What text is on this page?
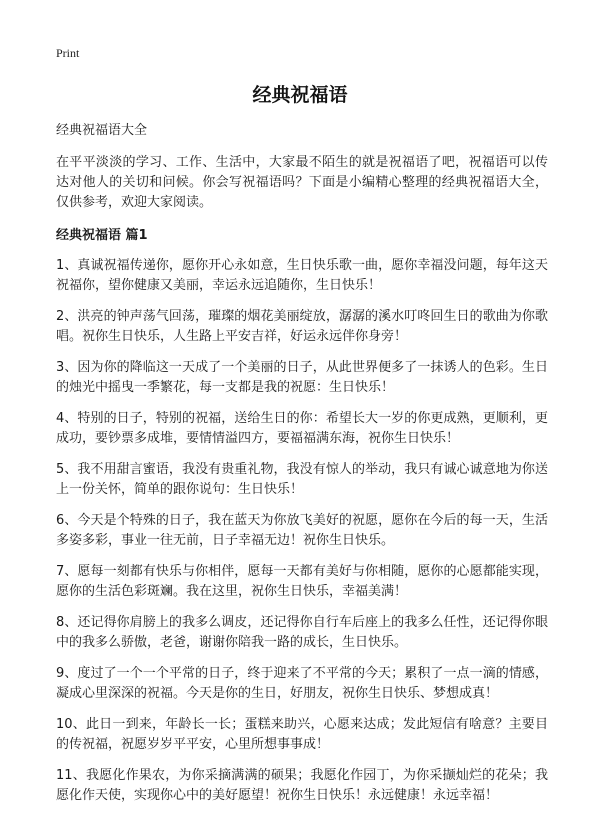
Print
经典祝福语

经典祝福语大全

在平平淡淡的学习、工作、生活中，大家最不陌生的就是祝福语了吧，祝福语可以传达对他人的关切和问候。你会写祝福语吗？下面是小编精心整理的经典祝福语大全，仅供参考，欢迎大家阅读。

经典祝福语 篇1

1、真诚祝福传递你，愿你开心永如意，生日快乐歌一曲，愿你幸福没问题，每年这天祝福你，望你健康又美丽，幸运永远追随你，生日快乐！

2、洪亮的钟声荡气回荡，璀璨的烟花美丽绽放，潺潺的溪水叮咚回生日的歌曲为你歌唱。祝你生日快乐，人生路上平安吉祥，好运永远伴你身旁！

3、因为你的降临这一天成了一个美丽的日子，从此世界便多了一抹诱人的色彩。生日的烛光中摇曳一季繁花，每一支都是我的祝愿：生日快乐！

4、特别的日子，特别的祝福，送给生日的你：希望长大一岁的你更成熟，更顺利，更成功，要钞票多成堆，要情情溢四方，要福福满东海，祝你生日快乐！

5、我不用甜言蜜语，我没有贵重礼物，我没有惊人的举动，我只有诚心诚意地为你送上一份关怀，简单的跟你说句：生日快乐！

6、今天是个特殊的日子，我在蓝天为你放飞美好的祝愿，愿你在今后的每一天，生活多姿多彩，事业一往无前，日子幸福无边！祝你生日快乐。

7、愿每一刻都有快乐与你相伴，愿每一天都有美好与你相随，愿你的心愿都能实现，愿你的生活色彩斑斓。我在这里，祝你生日快乐，幸福美满！

8、还记得你肩膀上的我多么调皮，还记得你自行车后座上的我多么任性，还记得你眼中的我多么骄傲，老爸，谢谢你陪我一路的成长，生日快乐。

9、度过了一个一个平常的日子，终于迎来了不平常的今天；累积了一点一滴的情感，凝成心里深深的祝福。今天是你的生日，好朋友，祝你生日快乐、梦想成真！

10、此日一到来，年龄长一长；蛋糕来助兴，心愿来达成；发此短信有啥意？主要目的传祝福，祝愿岁岁平平安，心里所想事事成！

11、我愿化作果农，为你采摘满满的硕果；我愿化作园丁，为你采撷灿烂的花朵；我愿化作天使，实现你心中的美好愿望！祝你生日快乐！永远健康！永远幸福！
